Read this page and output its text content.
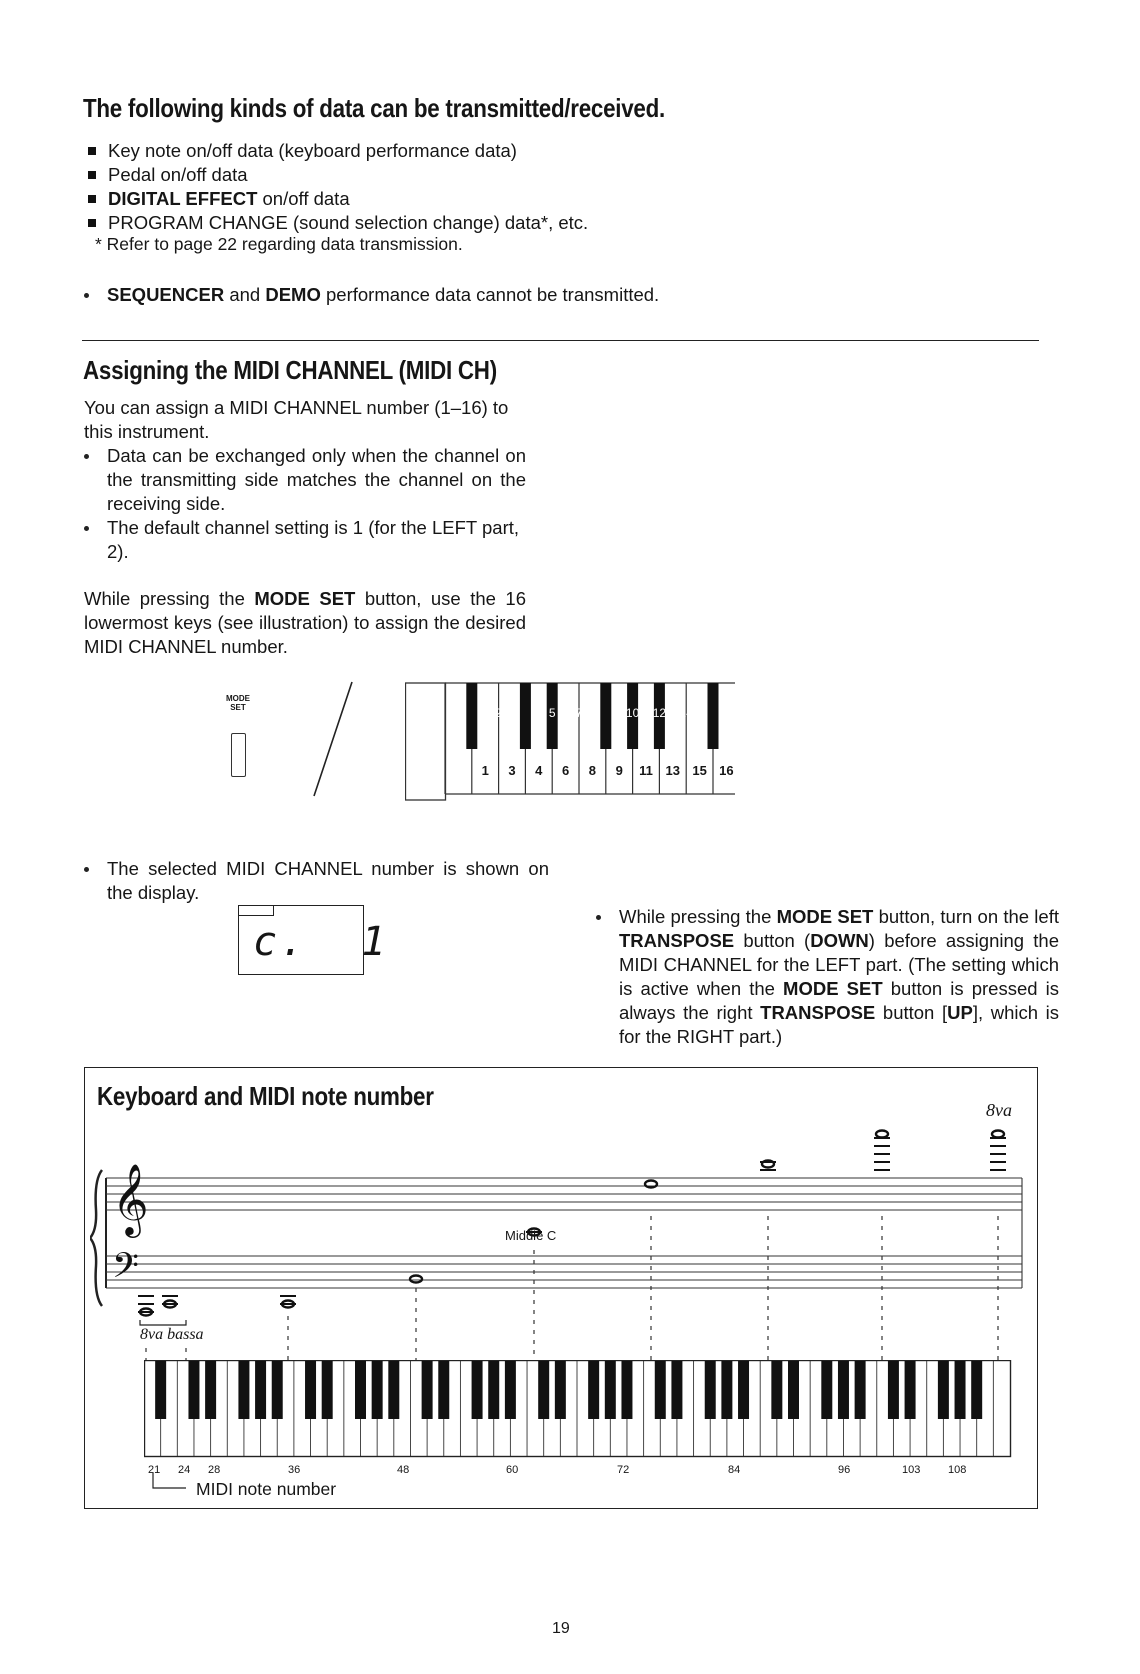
The following kinds of data can be transmitted/received.
Key note on/off data (keyboard performance data)
Pedal on/off data
DIGITAL EFFECT on/off data
PROGRAM CHANGE (sound selection change) data*, etc.
* Refer to page 22 regarding data transmission.
SEQUENCER and DEMO performance data cannot be transmitted.
Assigning the MIDI CHANNEL (MIDI CH)
You can assign a MIDI CHANNEL number (1–16) to this instrument.
Data can be exchanged only when the channel on the transmitting side matches the channel on the receiving side.
The default channel setting is 1 (for the LEFT part, 2).
While pressing the MODE SET button, use the 16 lowermost keys (see illustration) to assign the desired MIDI CHANNEL number.
MODE
SET
1	3	4	6	8	9	11 13 15 16
2	5	7	10 12 14
The selected MIDI CHANNEL number is shown on the display.
c.  1
While pressing the MODE SET button, turn on the left TRANSPOSE button (DOWN) before assigning the MIDI CHANNEL for the LEFT part. (The setting which is active when the MODE SET button is pressed is always the right TRANSPOSE button [UP], which is for the RIGHT part.)
Keyboard and MIDI note number	8va
𝄞
𝄢
Middle C
8va bassa
21 24 28	36	48	60	72	84	96	103	108
MIDI note number
19
